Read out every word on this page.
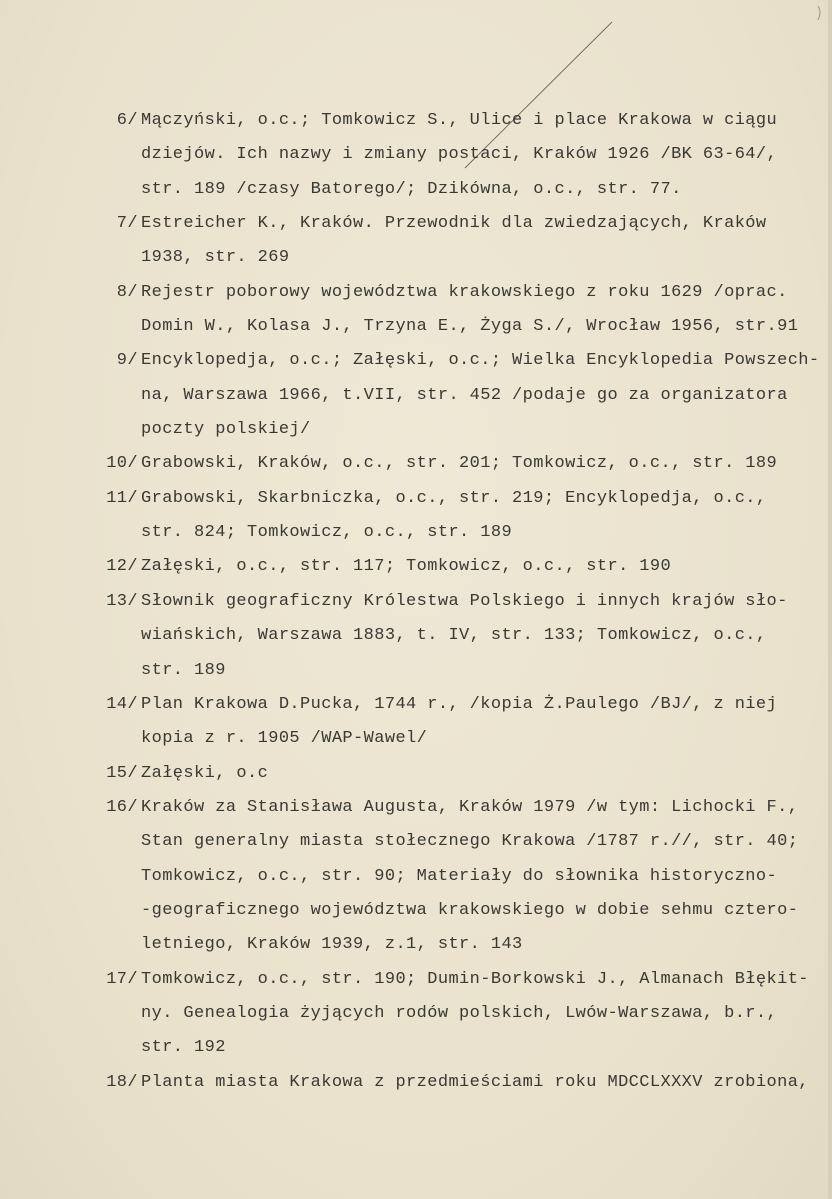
6/ Mączyński, o.c.; Tomkowicz S., Ulice i place Krakowa w ciągu
dziejów. Ich nazwy i zmiany postaci, Kraków 1926 /BK 63-64/,
str. 189 /czasy Batorego/; Dzikówna, o.c., str. 77.
7/ Estreicher K., Kraków. Przewodnik dla zwiedzających, Kraków
1938, str. 269
8/ Rejestr poborowy województwa krakowskiego z roku 1629 /oprac.
Domin W., Kolasa J., Trzyna E., Żyga S./, Wrocław 1956, str.91
9/ Encyklopedja, o.c.; Załęski, o.c.; Wielka Encyklopedia Powszech-
na, Warszawa 1966, t.VII, str. 452 /podaje go za organizatora
poczty polskiej/
10/ Grabowski, Kraków, o.c., str. 201; Tomkowicz, o.c., str. 189
11/ Grabowski, Skarbniczka, o.c., str. 219; Encyklopedja, o.c.,
str. 824; Tomkowicz, o.c., str. 189
12/ Załęski, o.c., str. 117; Tomkowicz, o.c., str. 190
13/ Słownik geograficzny Królestwa Polskiego i innych krajów sło-
wiańskich, Warszawa 1883, t. IV, str. 133; Tomkowicz, o.c.,
str. 189
14/ Plan Krakowa D.Pucka, 1744 r., /kopia Ż.Paulego /BJ/, z niej
kopia z r. 1905 /WAP-Wawel/
15/ Załęski, o.c
16/ Kraków za Stanisława Augusta, Kraków 1979 /w tym: Lichocki F.,
Stan generalny miasta stołecznego Krakowa /1787 r.//, str. 40;
Tomkowicz, o.c., str. 90; Materiały do słownika historyczno-
-geograficznego województwa krakowskiego w dobie sehmu cztero-
letniego, Kraków 1939, z.1, str. 143
17/ Tomkowicz, o.c., str. 190; Dumin-Borkowski J., Almanach Błękit-
ny. Genealogia żyjących rodów polskich, Lwów-Warszawa, b.r.,
str. 192
18/ Planta miasta Krakowa z przedmieściami roku MDCCLXXXV zrobiona,
